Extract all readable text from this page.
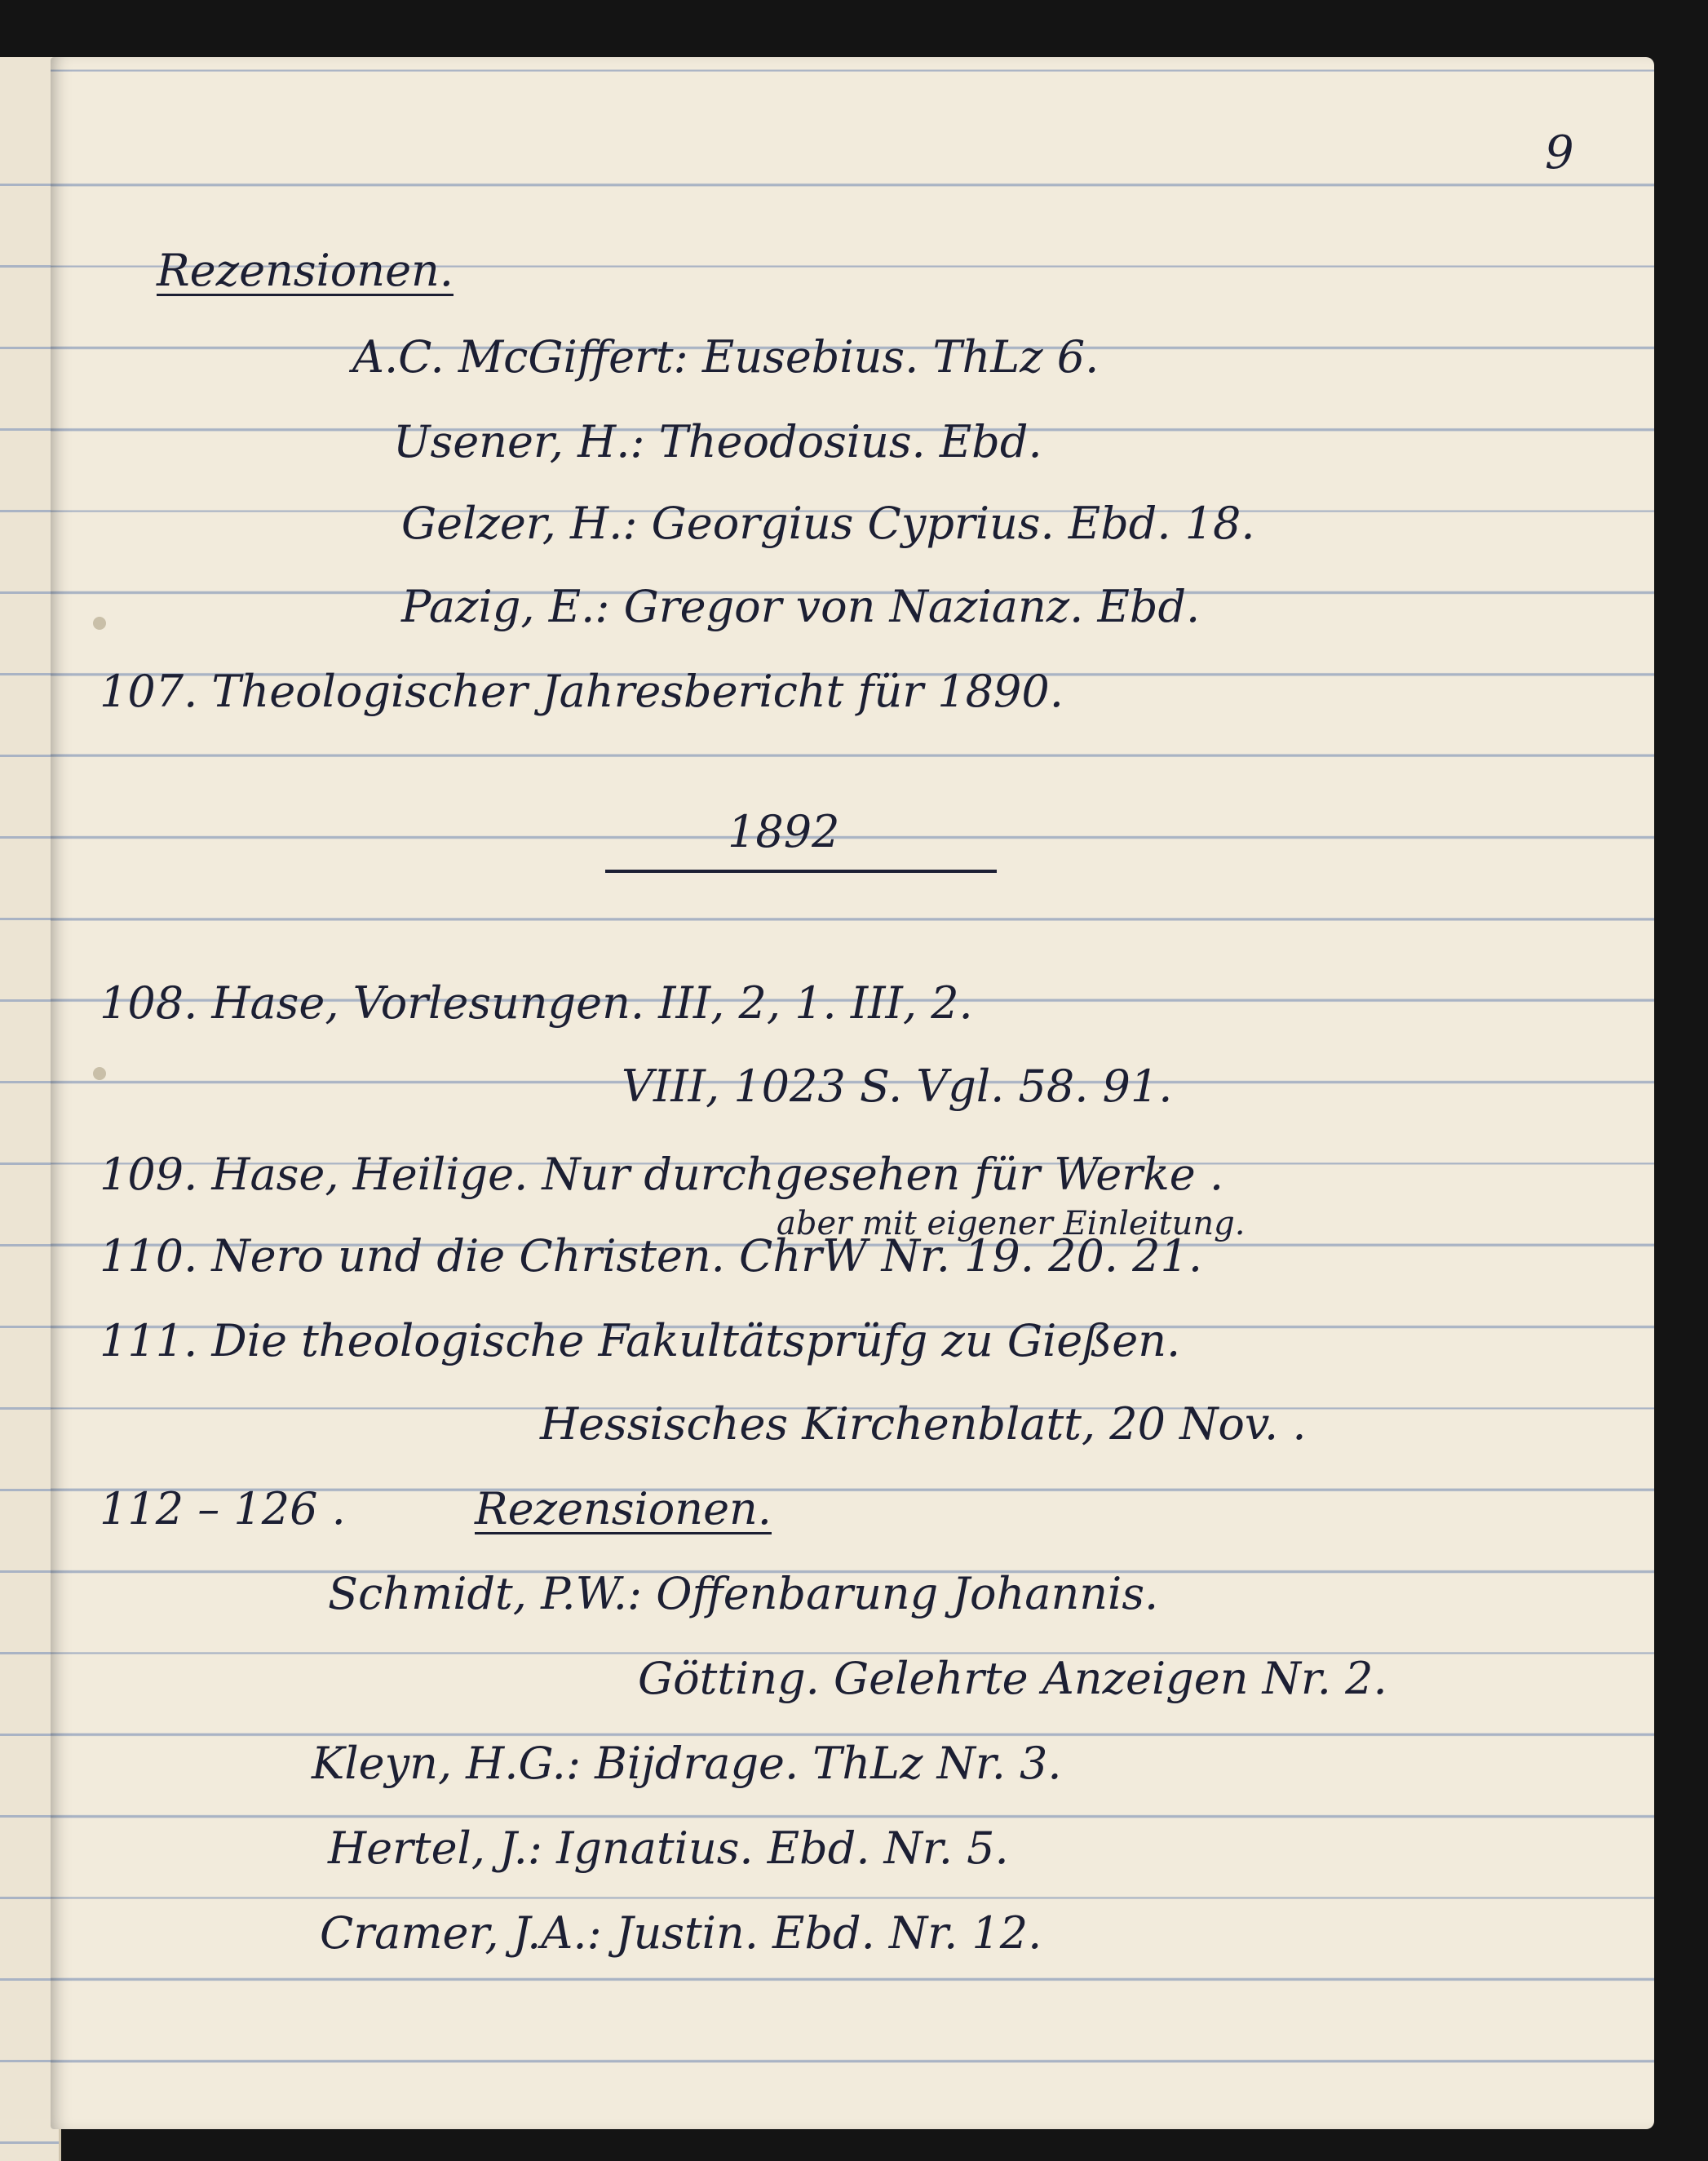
9
Rezensionen.
A.C. McGiffert: Eusebius. ThLz 6.
Usener, H.: Theodosius. Ebd.
Gelzer, H.: Georgius Cyprius. Ebd. 18.
Pazig, E.: Gregor von Nazianz. Ebd.
107. Theologischer Jahresbericht für 1890.
1892
108. Hase, Vorlesungen. III, 2, 1. III, 2.
VIII, 1023 S. Vgl. 58. 91.
109. Hase, Heilige. Nur durchgesehen für Werke .
aber mit eigener Einleitung.
110. Nero und die Christen. ChrW Nr. 19. 20. 21.
111. Die theologische Fakultätsprüfg zu Gießen.
Hessisches Kirchenblatt, 20 Nov. .
112 – 126 .	Rezensionen.
Schmidt, P.W.: Offenbarung Johannis.
Götting. Gelehrte Anzeigen Nr. 2.
Kleyn, H.G.: Bijdrage. ThLz Nr. 3.
Hertel, J.: Ignatius. Ebd. Nr. 5.
Cramer, J.A.: Justin. Ebd. Nr. 12.
